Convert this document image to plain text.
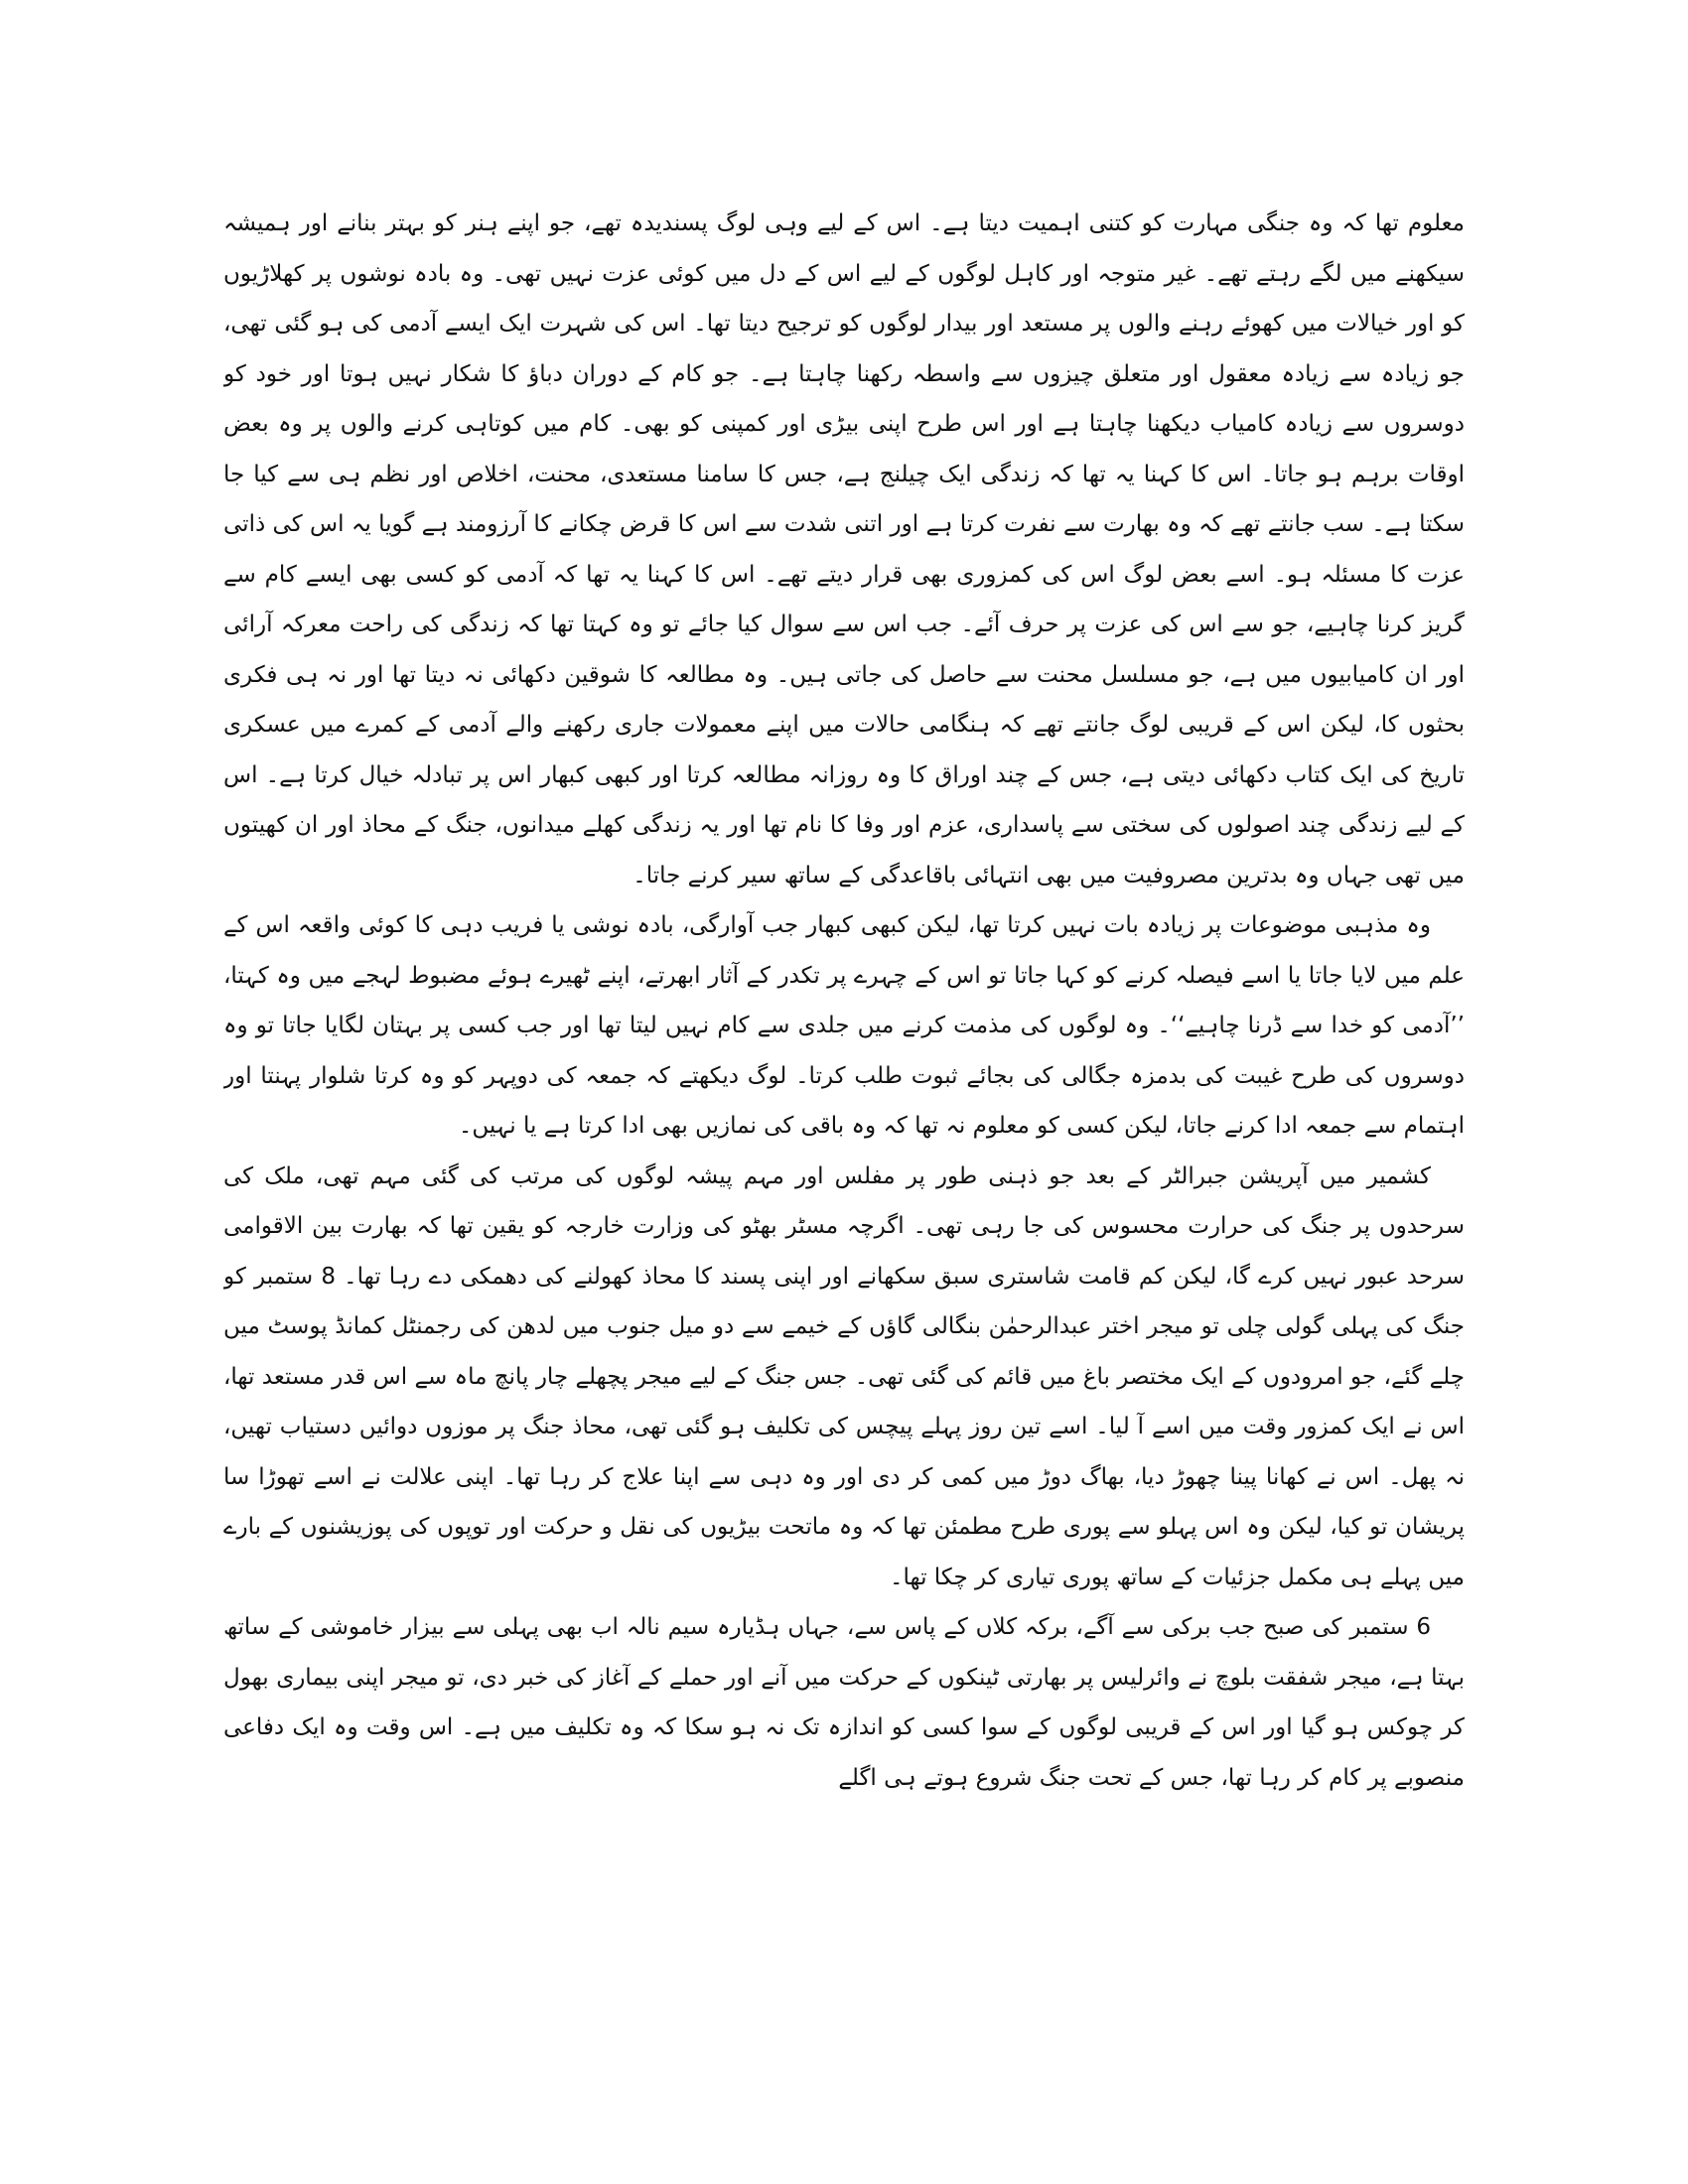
معلوم تھا کہ وہ جنگی مہارت کو کتنی اہمیت دیتا ہے۔ اس کے لیے وہی لوگ پسندیدہ تھے، جو اپنے ہنر کو بہتر بنانے اور ہمیشہ سیکھنے میں لگے رہتے تھے۔ غیر متوجہ اور کاہل لوگوں کے لیے اس کے دل میں کوئی عزت نہیں تھی۔ وہ بادہ نوشوں پر کھلاڑیوں کو اور خیالات میں کھوئے رہنے والوں پر مستعد اور بیدار لوگوں کو ترجیح دیتا تھا۔ اس کی شہرت ایک ایسے آدمی کی ہو گئی تھی، جو زیادہ سے زیادہ معقول اور متعلق چیزوں سے واسطہ رکھنا چاہتا ہے۔ جو کام کے دوران دباؤ کا شکار نہیں ہوتا اور خود کو دوسروں سے زیادہ کامیاب دیکھنا چاہتا ہے اور اس طرح اپنی بیڑی اور کمپنی کو بھی۔ کام میں کوتاہی کرنے والوں پر وہ بعض اوقات برہم ہو جاتا۔ اس کا کہنا یہ تھا کہ زندگی ایک چیلنج ہے، جس کا سامنا مستعدی، محنت، اخلاص اور نظم ہی سے کیا جا سکتا ہے۔ سب جانتے تھے کہ وہ بھارت سے نفرت کرتا ہے اور اتنی شدت سے اس کا قرض چکانے کا آرزومند ہے گویا یہ اس کی ذاتی عزت کا مسئلہ ہو۔ اسے بعض لوگ اس کی کمزوری بھی قرار دیتے تھے۔ اس کا کہنا یہ تھا کہ آدمی کو کسی بھی ایسے کام سے گریز کرنا چاہیے، جو سے اس کی عزت پر حرف آئے۔ جب اس سے سوال کیا جائے تو وہ کہتا تھا کہ زندگی کی راحت معرکہ آرائی اور ان کامیابیوں میں ہے، جو مسلسل محنت سے حاصل کی جاتی ہیں۔ وہ مطالعہ کا شوقین دکھائی نہ دیتا تھا اور نہ ہی فکری بحثوں کا، لیکن اس کے قریبی لوگ جانتے تھے کہ ہنگامی حالات میں اپنے معمولات جاری رکھنے والے آدمی کے کمرے میں عسکری تاریخ کی ایک کتاب دکھائی دیتی ہے، جس کے چند اوراق کا وہ روزانہ مطالعہ کرتا اور کبھی کبھار اس پر تبادلہ خیال کرتا ہے۔ اس کے لیے زندگی چند اصولوں کی سختی سے پاسداری، عزم اور وفا کا نام تھا اور یہ زندگی کھلے میدانوں، جنگ کے محاذ اور ان کھیتوں میں تھی جہاں وہ بدترین مصروفیت میں بھی انتہائی باقاعدگی کے ساتھ سیر کرنے جاتا۔

وہ مذہبی موضوعات پر زیادہ بات نہیں کرتا تھا، لیکن کبھی کبھار جب آوارگی، بادہ نوشی یا فریب دہی کا کوئی واقعہ اس کے علم میں لایا جاتا یا اسے فیصلہ کرنے کو کہا جاتا تو اس کے چہرے پر تکدر کے آثار ابھرتے، اپنے ٹھیرے ہوئے مضبوط لہجے میں وہ کہتا، ’’آدمی کو خدا سے ڈرنا چاہیے‘‘۔ وہ لوگوں کی مذمت کرنے میں جلدی سے کام نہیں لیتا تھا اور جب کسی پر بہتان لگایا جاتا تو وہ دوسروں کی طرح غیبت کی بدمزہ جگالی کی بجائے ثبوت طلب کرتا۔ لوگ دیکھتے کہ جمعہ کی دوپہر کو وہ کرتا شلوار پہنتا اور اہتمام سے جمعہ ادا کرنے جاتا، لیکن کسی کو معلوم نہ تھا کہ وہ باقی کی نمازیں بھی ادا کرتا ہے یا نہیں۔

کشمیر میں آپریشن جبرالٹر کے بعد جو ذہنی طور پر مفلس اور مہم پیشہ لوگوں کی مرتب کی گئی مہم تھی، ملک کی سرحدوں پر جنگ کی حرارت محسوس کی جا رہی تھی۔ اگرچہ مسٹر بھٹو کی وزارت خارجہ کو یقین تھا کہ بھارت بین الاقوامی سرحد عبور نہیں کرے گا، لیکن کم قامت شاستری سبق سکھانے اور اپنی پسند کا محاذ کھولنے کی دھمکی دے رہا تھا۔ 8 ستمبر کو جنگ کی پہلی گولی چلی تو میجر اختر عبدالرحمٰن بنگالی گاؤں کے خیمے سے دو میل جنوب میں لدھن کی رجمنٹل کمانڈ پوسٹ میں چلے گئے، جو امرودوں کے ایک مختصر باغ میں قائم کی گئی تھی۔ جس جنگ کے لیے میجر پچھلے چار پانچ ماہ سے اس قدر مستعد تھا، اس نے ایک کمزور وقت میں اسے آ لیا۔ اسے تین روز پہلے پیچس کی تکلیف ہو گئی تھی، محاذ جنگ پر موزوں دوائیں دستیاب تھیں، نہ پھل۔ اس نے کھانا پینا چھوڑ دیا، بھاگ دوڑ میں کمی کر دی اور وہ دہی سے اپنا علاج کر رہا تھا۔ اپنی علالت نے اسے تھوڑا سا پریشان تو کیا، لیکن وہ اس پہلو سے پوری طرح مطمئن تھا کہ وہ ماتحت بیڑیوں کی نقل و حرکت اور توپوں کی پوزیشنوں کے بارے میں پہلے ہی مکمل جزئیات کے ساتھ پوری تیاری کر چکا تھا۔

6 ستمبر کی صبح جب برکی سے آگے، برکہ کلاں کے پاس سے، جہاں ہڈیارہ سیم نالہ اب بھی پہلی سے بیزار خاموشی کے ساتھ بہتا ہے، میجر شفقت بلوچ نے وائرلیس پر بھارتی ٹینکوں کے حرکت میں آنے اور حملے کے آغاز کی خبر دی، تو میجر اپنی بیماری بھول کر چوکس ہو گیا اور اس کے قریبی لوگوں کے سوا کسی کو اندازہ تک نہ ہو سکا کہ وہ تکلیف میں ہے۔ اس وقت وہ ایک دفاعی منصوبے پر کام کر رہا تھا، جس کے تحت جنگ شروع ہوتے ہی اگلے
